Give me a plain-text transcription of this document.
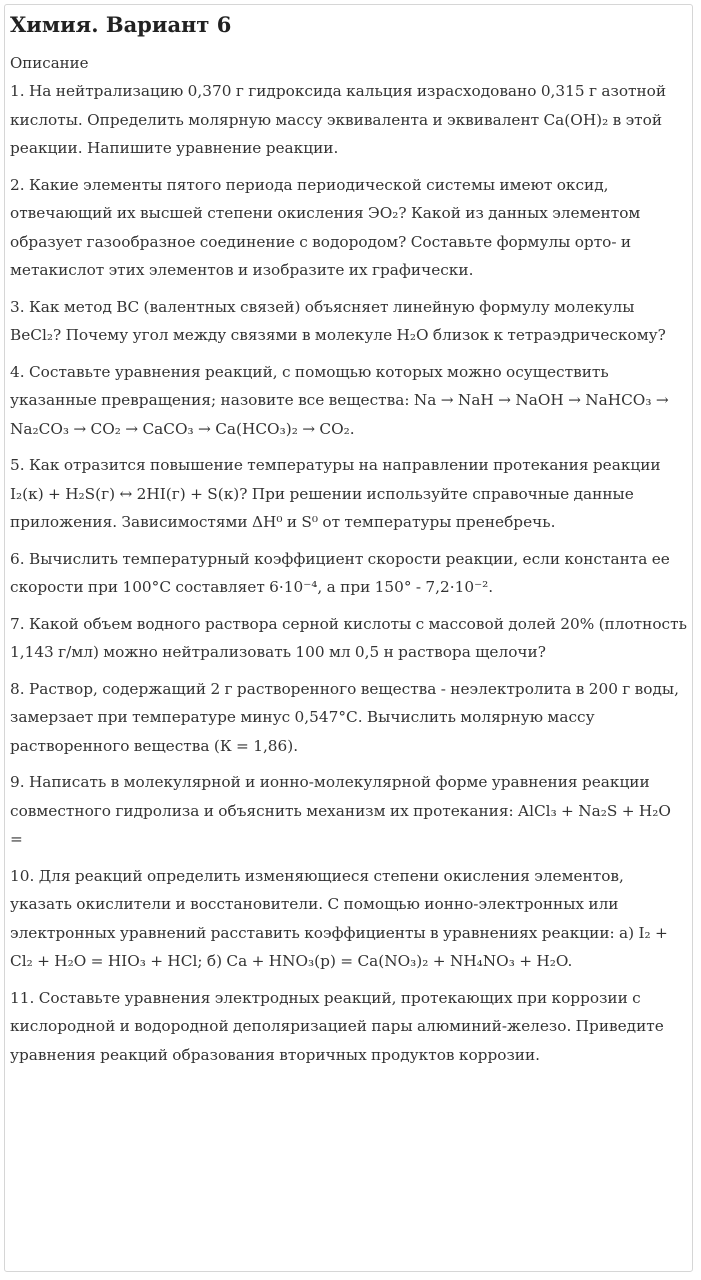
Химия. Вариант 6

Описание

1. На нейтрализацию 0,370 г гидроксида кальция израсходовано 0,315 г азотной кислоты. Определить молярную массу эквивалента и эквивалент Ca(OH)₂ в этой реакции. Напишите уравнение реакции.

2. Какие элементы пятого периода периодической системы имеют оксид, отвечающий их высшей степени окисления ЭО₂? Какой из данных элементом образует газообразное соединение с водородом? Составьте формулы орто- и метакислот этих элементов и изобразите их графически.

3. Как метод ВС (валентных связей) объясняет линейную формулу молекулы BeCl₂? Почему угол между связями в молекуле H₂O близок к тетраэдрическому?

4. Составьте уравнения реакций, с помощью которых можно осуществить указанные превращения; назовите все вещества: Na → NaH → NaOH → NaHCO₃ → Na₂CO₃ → CO₂ → CaCO₃ → Ca(HCO₃)₂ → CO₂.

5. Как отразится повышение температуры на направлении протекания реакции I₂(к) + H₂S(г) ↔ 2HI(г) + S(к)? При решении используйте справочные данные приложения. Зависимостями ΔH⁰ и S⁰ от температуры пренебречь.

6. Вычислить температурный коэффициент скорости реакции, если константа ее скорости при 100°С составляет 6·10⁻⁴, а при 150° - 7,2·10⁻².

7. Какой объем водного раствора серной кислоты с массовой долей 20% (плотность 1,143 г/мл) можно нейтрализовать 100 мл 0,5 н раствора щелочи?

8. Раствор, содержащий 2 г растворенного вещества - неэлектролита в 200 г воды, замерзает при температуре минус 0,547°С. Вычислить молярную массу растворенного вещества (К = 1,86).

9. Написать в молекулярной и ионно-молекулярной форме уравнения реакции совместного гидролиза и объяснить механизм их протекания: AlCl₃ + Na₂S + H₂O =

10. Для реакций определить изменяющиеся степени окисления элементов, указать окислители и восстановители. С помощью ионно-электронных или электронных уравнений расставить коэффициенты в уравнениях реакции: а) I₂ + Cl₂ + H₂O = HIO₃ + HCl; б) Ca + HNO₃(р) = Ca(NO₃)₂ + NH₄NO₃ + H₂O.

11. Составьте уравнения электродных реакций, протекающих при коррозии с кислородной и водородной деполяризацией пары алюминий-железо. Приведите уравнения реакций образования вторичных продуктов коррозии.
